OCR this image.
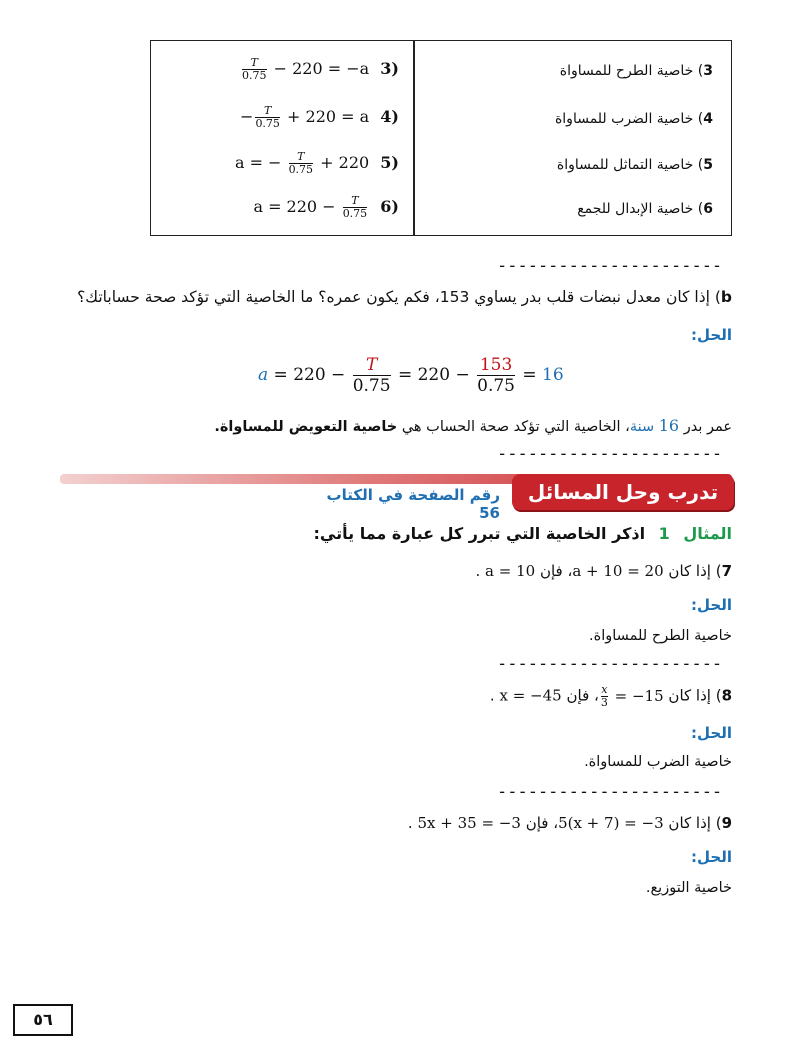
3) خاصية الطرح للمساواة
$\frac{T}{0.75} - 220 = -a$ 3)
4) خاصية الضرب للمساواة
− $\frac{T}{0.75} + 220 = a$ 4)
5) خاصية التماثل للمساواة
a = − $\frac{T}{0.75} + 220$ 5)
6) خاصية الإبدال للجمع
$a = 220 - \frac{T}{0.75} 6$)
----------------------
b) إذا كان معدل نبضات قلب بدر يساوي 153، فكم يكون عمره؟ ما الخاصية التي تؤكد صحة حساباتك؟
الحل:
$a = 220 - \frac{T}{0.75} = 220 - \frac{153}{0.75} = 16$
عمر بدر 16 سنة، الخاصية التي تؤكد صحة الحساب هي خاصية التعويض للمساواة.
----------------------
تدرب وحل المسائل
رقم الصفحة في الكتاب 56
المثال 1 اذكر الخاصية التي تبرر كل عبارة مما يأتي:
7) إذا كان a + 10 = 20، فإن a = 10 .
الحل:
خاصية الطرح للمساواة.
----------------------
8) إذا كان
$\frac{x}{3}$ = −15، فإن x = −45 .
الحل:
خاصية الضرب للمساواة.
----------------------
9) إذا كان 5(x + 7) = −3، فإن 5x + 35 = −3 .
الحل:
خاصية التوزيع.
٥٦
